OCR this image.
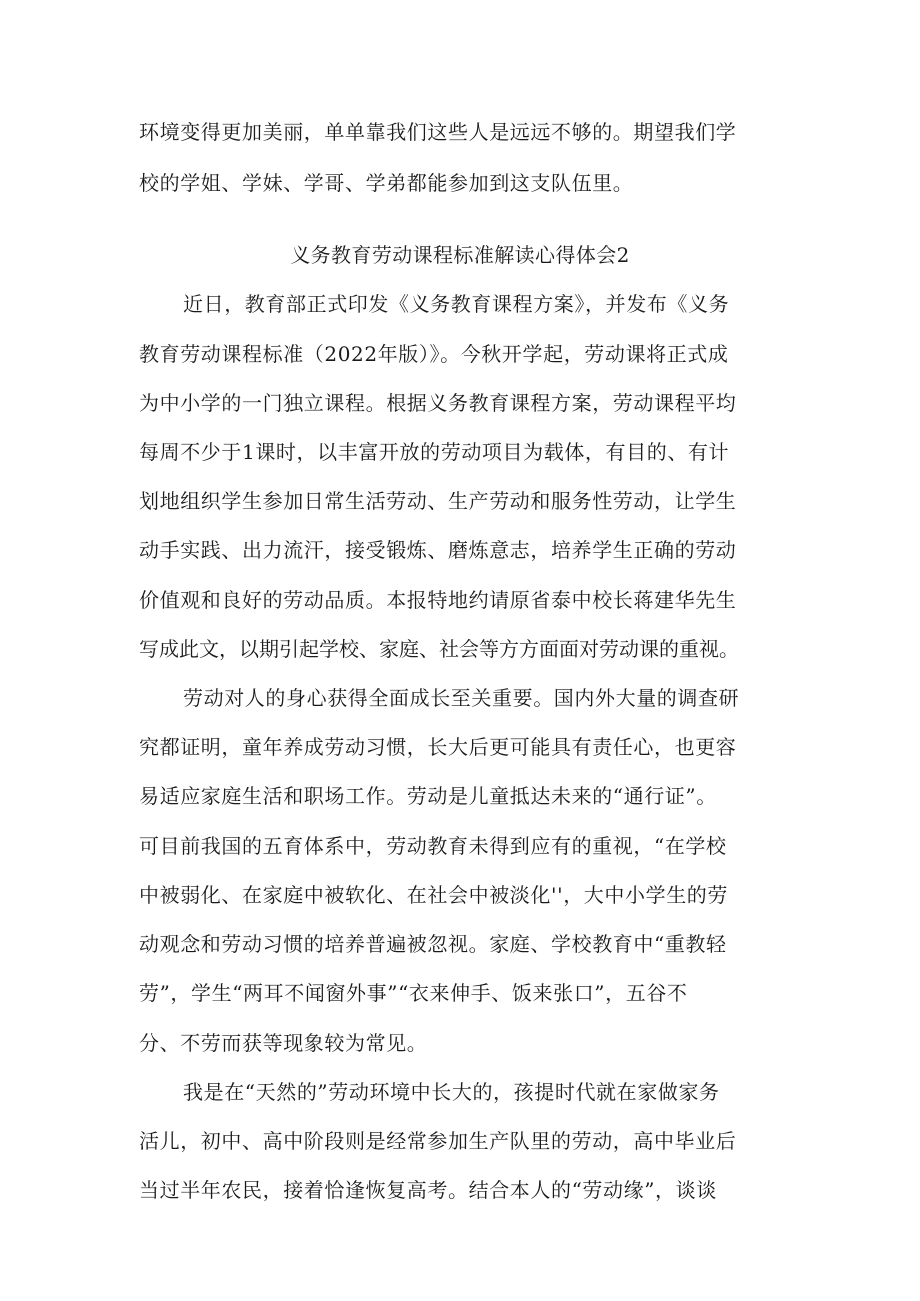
环境变得更加美丽，单单靠我们这些人是远远不够的。期望我们学
校的学姐、学妹、学哥、学弟都能参加到这支队伍里。
义务教育劳动课程标准解读心得体会2
近日，教育部正式印发《义务教育课程方案》，并发布《义务
教育劳动课程标准（2022年版）》。今秋开学起，劳动课将正式成
为中小学的一门独立课程。根据义务教育课程方案，劳动课程平均
每周不少于1课时，以丰富开放的劳动项目为载体，有目的、有计
划地组织学生参加日常生活劳动、生产劳动和服务性劳动，让学生
动手实践、出力流汗，接受锻炼、磨炼意志，培养学生正确的劳动
价值观和良好的劳动品质。本报特地约请原省泰中校长蒋建华先生
写成此文，以期引起学校、家庭、社会等方方面面对劳动课的重视。
劳动对人的身心获得全面成长至关重要。国内外大量的调查研
究都证明，童年养成劳动习惯，长大后更可能具有责任心，也更容
易适应家庭生活和职场工作。劳动是儿童抵达未来的“通行证”。
可目前我国的五育体系中，劳动教育未得到应有的重视，“在学校
中被弱化、在家庭中被软化、在社会中被淡化''，大中小学生的劳
动观念和劳动习惯的培养普遍被忽视。家庭、学校教育中“重教轻
劳”，学生“两耳不闻窗外事”“衣来伸手、饭来张口”，五谷不
分、不劳而获等现象较为常见。
我是在“天然的”劳动环境中长大的，孩提时代就在家做家务
活儿，初中、高中阶段则是经常参加生产队里的劳动，高中毕业后
当过半年农民，接着恰逢恢复高考。结合本人的“劳动缘”，谈谈
